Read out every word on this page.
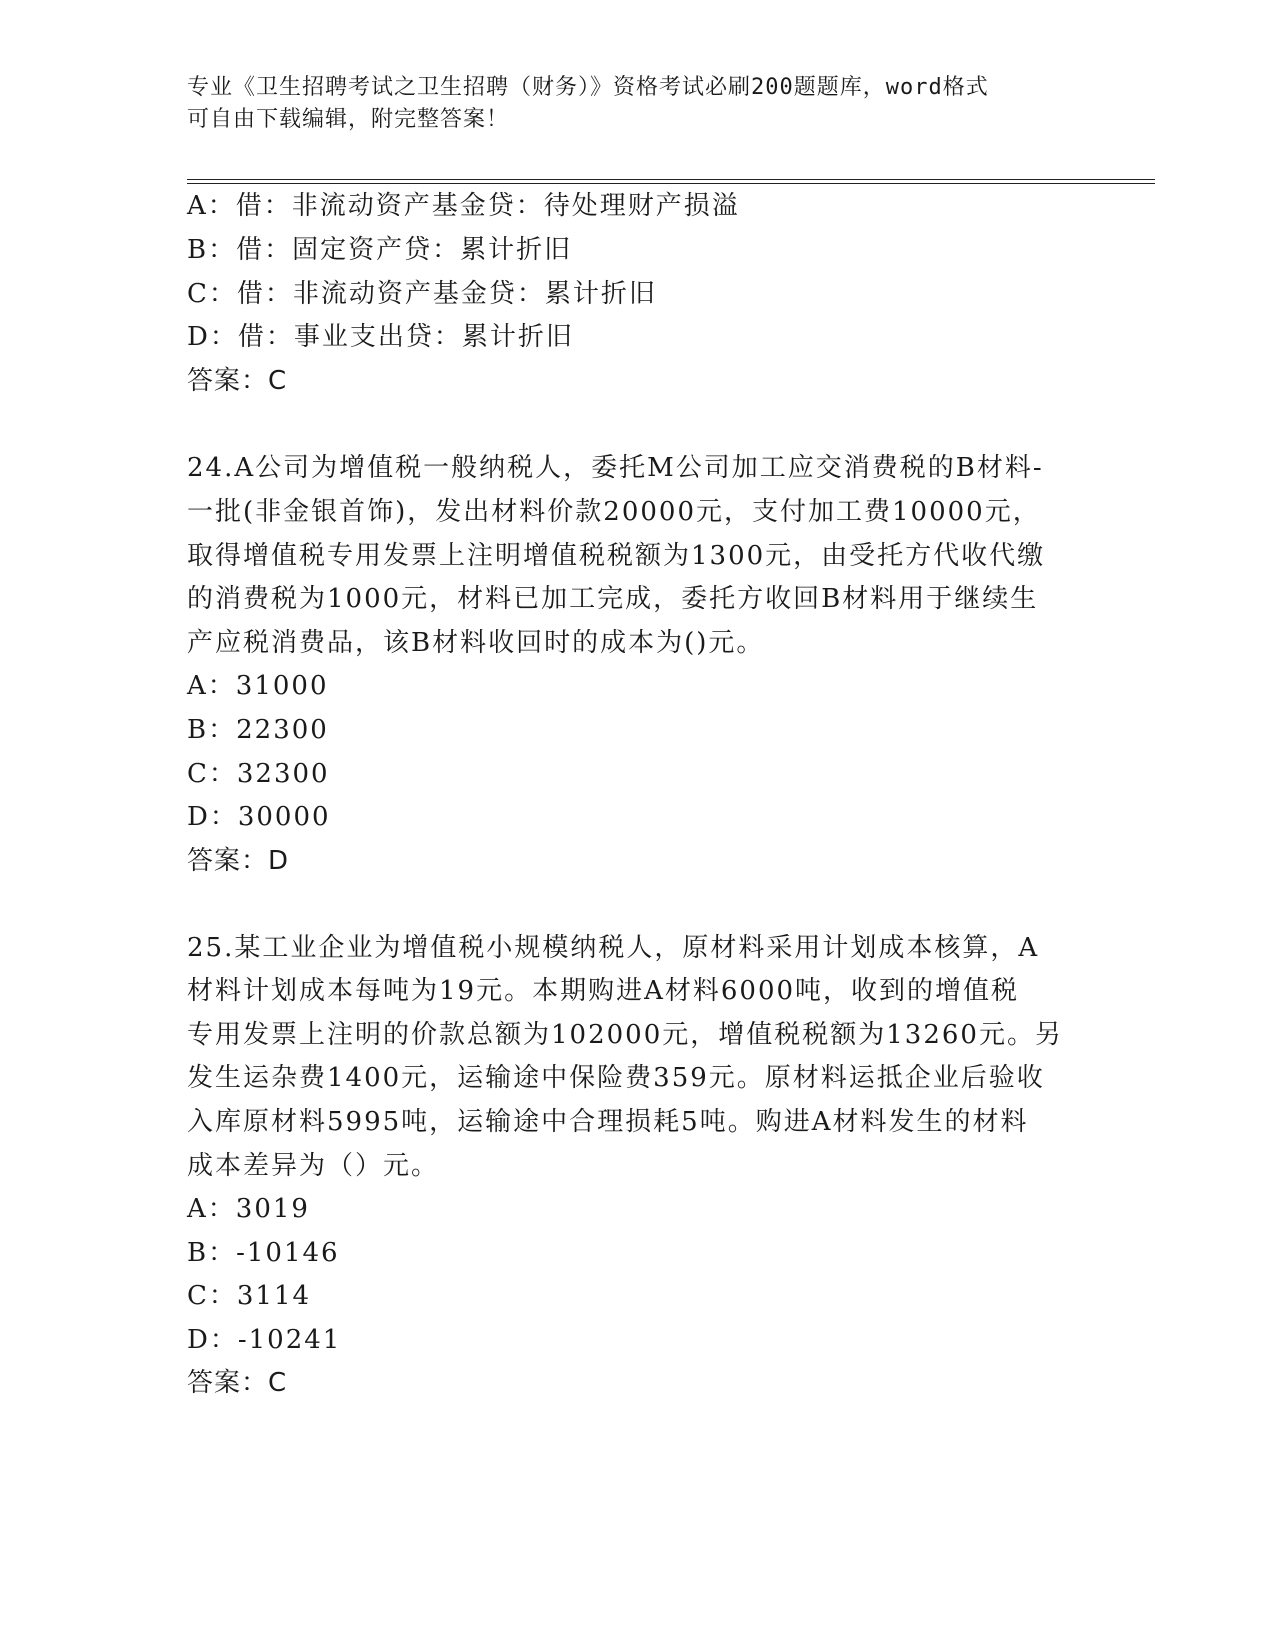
专业《卫生招聘考试之卫生招聘（财务）》资格考试必刷200题题库，word格式
可自由下载编辑，附完整答案！
A：借：非流动资产基金贷：待处理财产损溢
B：借：固定资产贷：累计折旧
C：借：非流动资产基金贷：累计折旧
D：借：事业支出贷：累计折旧
答案：C
24.A公司为增值税一般纳税人，委托M公司加工应交消费税的B材料-
一批(非金银首饰)，发出材料价款20000元，支付加工费10000元，
取得增值税专用发票上注明增值税税额为1300元，由受托方代收代缴
的消费税为1000元，材料已加工完成，委托方收回B材料用于继续生
产应税消费品，该B材料收回时的成本为()元。
A：31000
B：22300
C：32300
D：30000
答案：D
25.某工业企业为增值税小规模纳税人，原材料采用计划成本核算，A
材料计划成本每吨为19元。本期购进A材料6000吨，收到的增值税
专用发票上注明的价款总额为102000元，增值税税额为13260元。另
发生运杂费1400元，运输途中保险费359元。原材料运抵企业后验收
入库原材料5995吨，运输途中合理损耗5吨。购进A材料发生的材料
成本差异为（）元。
A：3019
B：-10146
C：3114
D：-10241
答案：C
